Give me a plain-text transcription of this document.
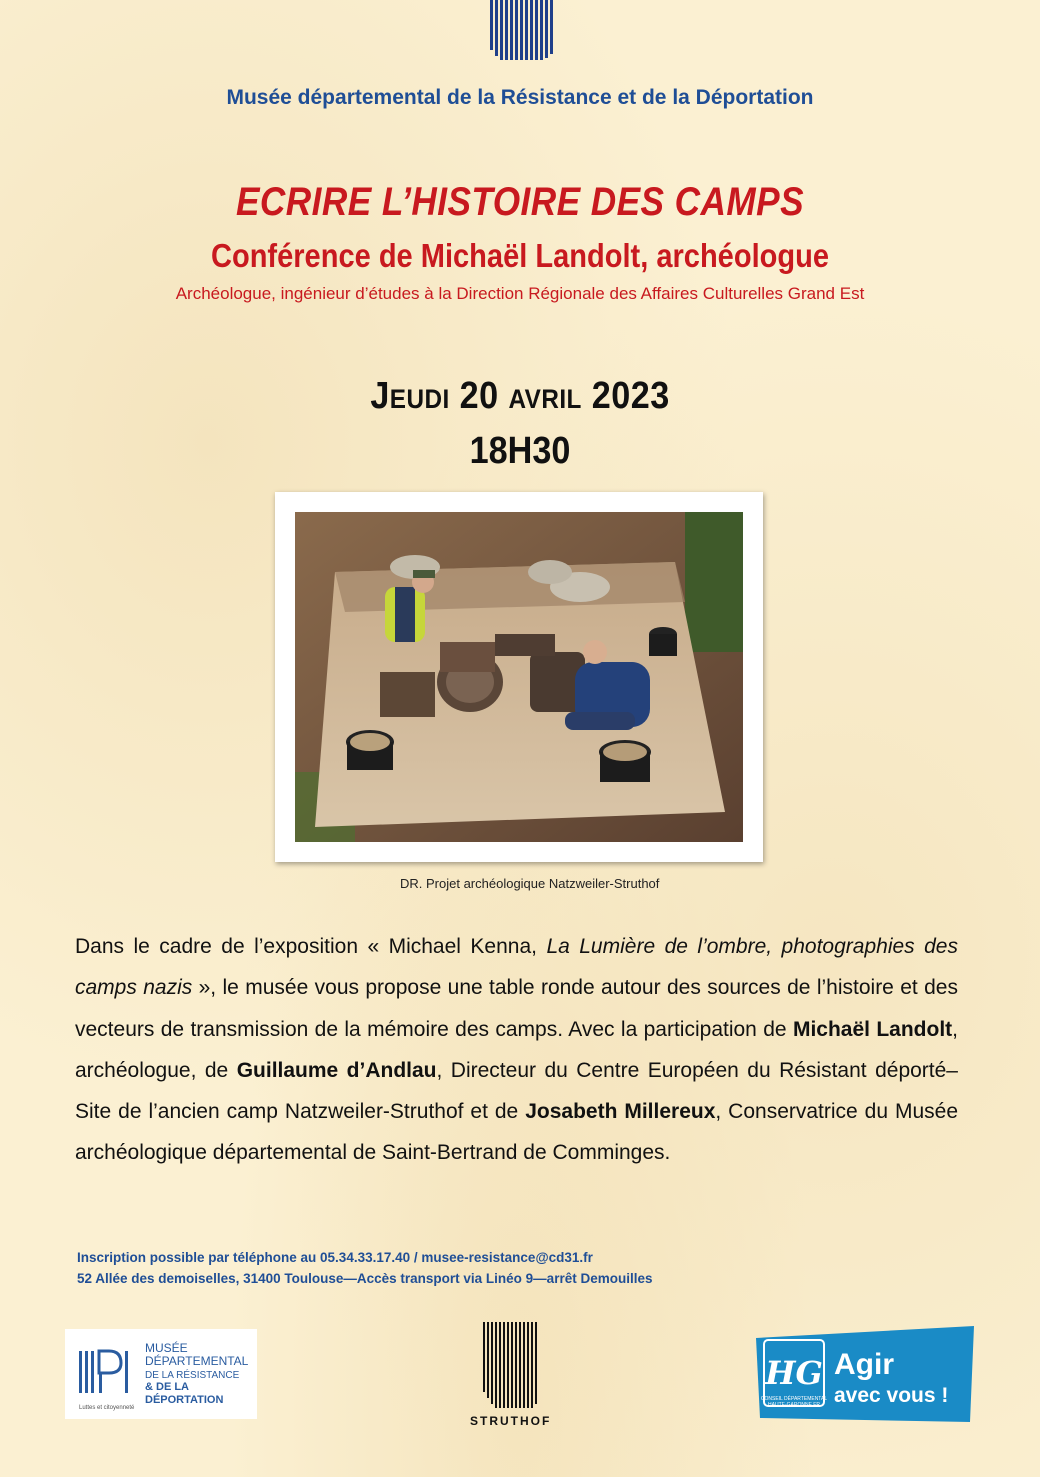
Musée départemental de la Résistance et de la Déportation
ECRIRE L’HISTOIRE DES CAMPS
Conférence de Michaël Landolt, archéologue
Archéologue, ingénieur d’études à la Direction Régionale des Affaires Culturelles Grand Est
Jeudi 20 avril 2023
18H30
DR. Projet archéologique Natzweiler-Struthof
Dans le cadre de l’exposition « Michael Kenna, La Lumière de l’ombre, photographies des camps nazis », le musée vous propose une table ronde autour des sources de l’histoire et des vecteurs de transmission de la mémoire des camps. Avec la participation de Michaël Landolt, archéologue, de Guillaume d’Andlau, Directeur du Centre Européen du Résistant déporté– Site de l’ancien camp Natzweiler-Struthof et de Josabeth Millereux, Conservatrice du Musée archéologique départemental de Saint-Bertrand de Comminges.
Inscription possible par téléphone au 05.34.33.17.40 / musee-resistance@cd31.fr
52 Allée des demoiselles, 31400 Toulouse—Accès transport via Linéo 9—arrêt Demouilles
MUSÉE
DÉPARTEMENTAL
DE LA RÉSISTANCE
& DE LA DÉPORTATION
Luttes et citoyenneté
STRUTHOF
HG
CONSEIL DÉPARTEMENTAL
HAUTE-GARONNE.FR
Agir
avec vous !
